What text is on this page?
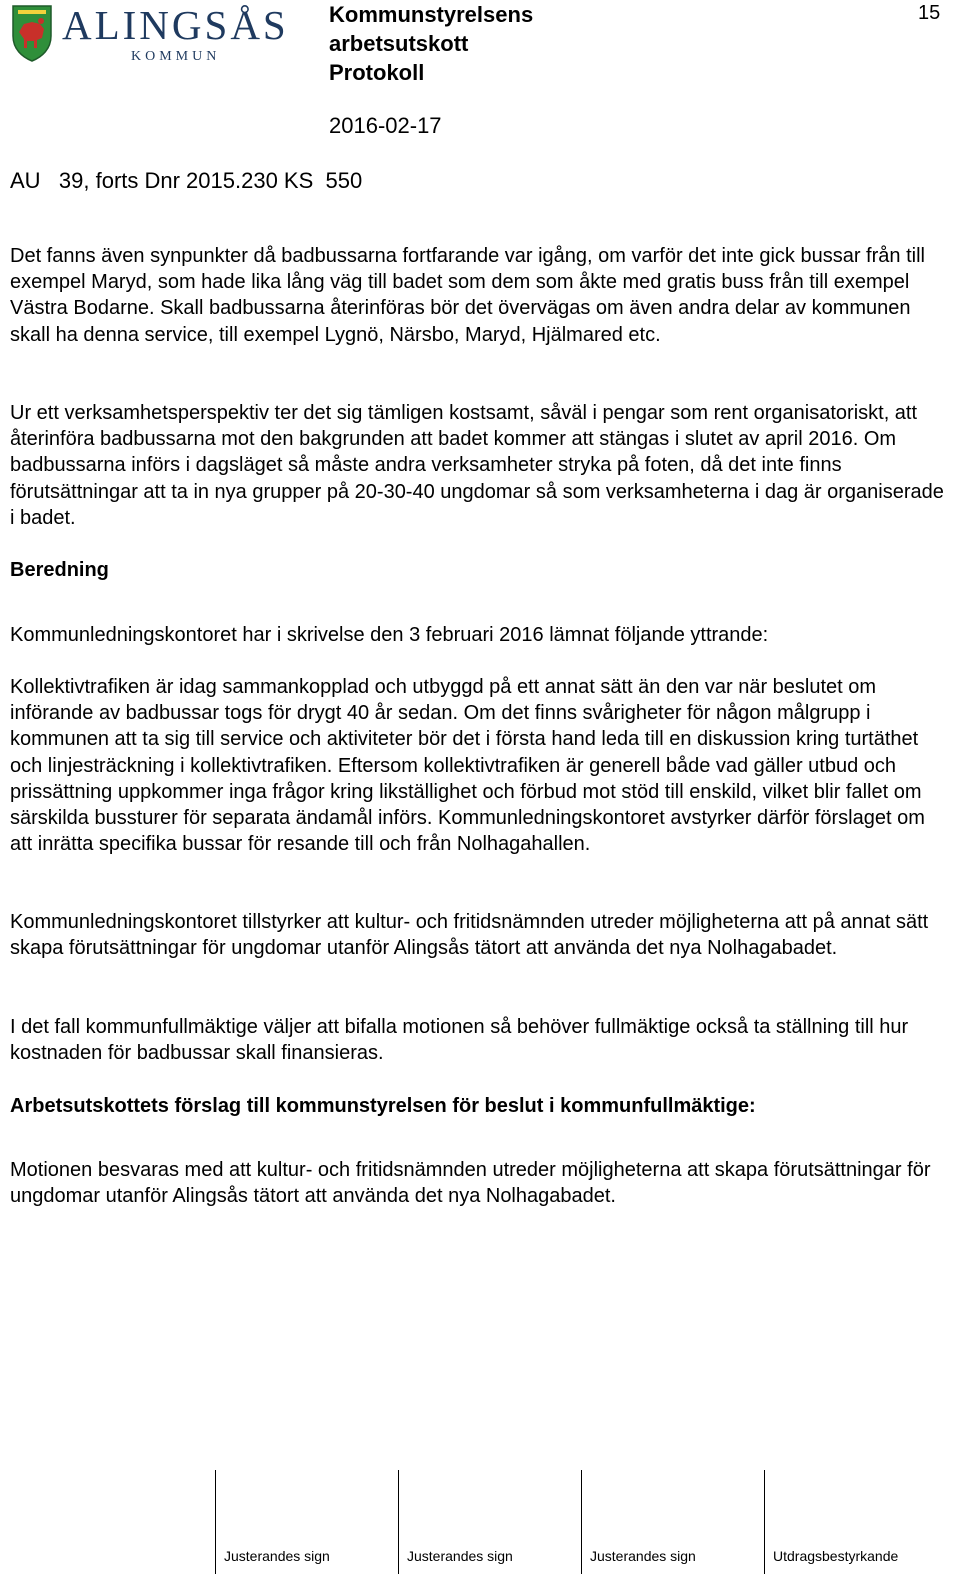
ALINGSÅS
KOMMUN
Kommunstyrelsens
arbetsutskott
Protokoll
15
2016-02-17
AU   39, forts Dnr 2015.230 KS  550

Det fanns även synpunkter då badbussarna fortfarande var igång, om varför det inte gick bussar från till exempel Maryd, som hade lika lång väg till badet som dem som åkte med gratis buss från till exempel Västra Bodarne. Skall badbussarna återinföras bör det övervägas om även andra delar av kommunen skall ha denna service, till exempel Lygnö, Närsbo, Maryd, Hjälmared etc.

Ur ett verksamhetsperspektiv ter det sig tämligen kostsamt, såväl i pengar som rent organisatoriskt, att återinföra badbussarna mot den bakgrunden att badet kommer att stängas i slutet av april 2016. Om badbussarna införs i dagsläget så måste andra verksamheter stryka på foten, då det inte finns förutsättningar att ta in nya grupper på 20-30-40 ungdomar så som verksamheterna i dag är organiserade i badet.

Beredning

Kommunledningskontoret har i skrivelse den 3 februari 2016 lämnat följande yttrande:

Kollektivtrafiken är idag sammankopplad och utbyggd på ett annat sätt än den var när beslutet om införande av badbussar togs för drygt 40 år sedan. Om det finns svårigheter för någon målgrupp i kommunen att ta sig till service och aktiviteter bör det i första hand leda till en diskussion kring turtäthet och linjesträckning i kollektivtrafiken. Eftersom kollektivtrafiken är generell både vad gäller utbud och prissättning uppkommer inga frågor kring likställighet och förbud mot stöd till enskild, vilket blir fallet om särskilda bussturer för separata ändamål införs. Kommunledningskontoret avstyrker därför förslaget om att inrätta specifika bussar för resande till och från Nolhagahallen.

Kommunledningskontoret tillstyrker att kultur- och fritidsnämnden utreder möjligheterna att på annat sätt skapa förutsättningar för ungdomar utanför Alingsås tätort att använda det nya Nolhagabadet.

I det fall kommunfullmäktige väljer att bifalla motionen så behöver fullmäktige också ta ställning till hur kostnaden för badbussar skall finansieras.

Arbetsutskottets förslag till kommunstyrelsen för beslut i kommunfullmäktige:

Motionen besvaras med att kultur- och fritidsnämnden utreder möjligheterna att skapa förutsättningar för ungdomar utanför Alingsås tätort att använda det nya Nolhagabadet.

Justerandes sign	Justerandes sign	Justerandes sign	Utdragsbestyrkande
